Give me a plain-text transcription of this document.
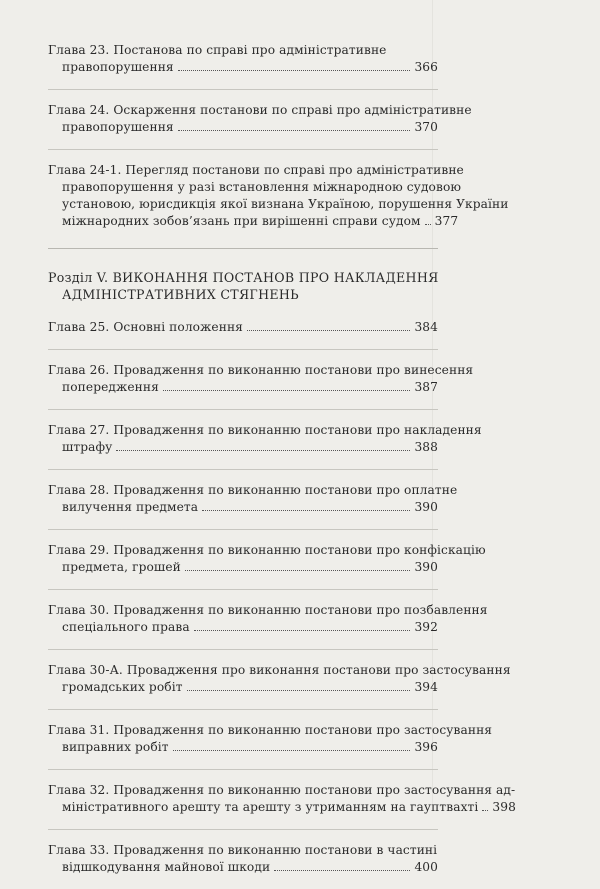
Глава 23. Постанова по справі про адміністративне
правопорушення	366
Глава 24. Оскарження постанови по справі про адміністративне
правопорушення	370
Глава 24-1. Перегляд постанови по справі про адміністративне
правопорушення у разі встановлення міжнародною судовою
установою, юрисдикція якої визнана Україною, порушення України
міжнародних зобов’язань при вирішенні справи судом 377
Розділ V. ВИКОНАННЯ ПОСТАНОВ ПРО НАКЛАДЕННЯ
АДМІНІСТРАТИВНИХ СТЯГНЕНЬ
Глава 25. Основні положення	384
Глава 26. Провадження по виконанню постанови про винесення
попередження	387
Глава 27. Провадження по виконанню постанови про накладення
штрафу	388
Глава 28. Провадження по виконанню постанови про оплатне
вилучення предмета	390
Глава 29. Провадження по виконанню постанови про конфіскацію
предмета, грошей	390
Глава 30. Провадження по виконанню постанови про позбавлення
спеціального права	392
Глава 30-А. Провадження про виконання постанови про застосування
громадських робіт	394
Глава 31. Провадження по виконанню постанови про застосування
виправних робіт	396
Глава 32. Провадження по виконанню постанови про застосування ад-
міністративного арешту та арешту з утриманням на гауптвахті 398
Глава 33. Провадження по виконанню постанови в частині
відшкодування майнової шкоди	400
